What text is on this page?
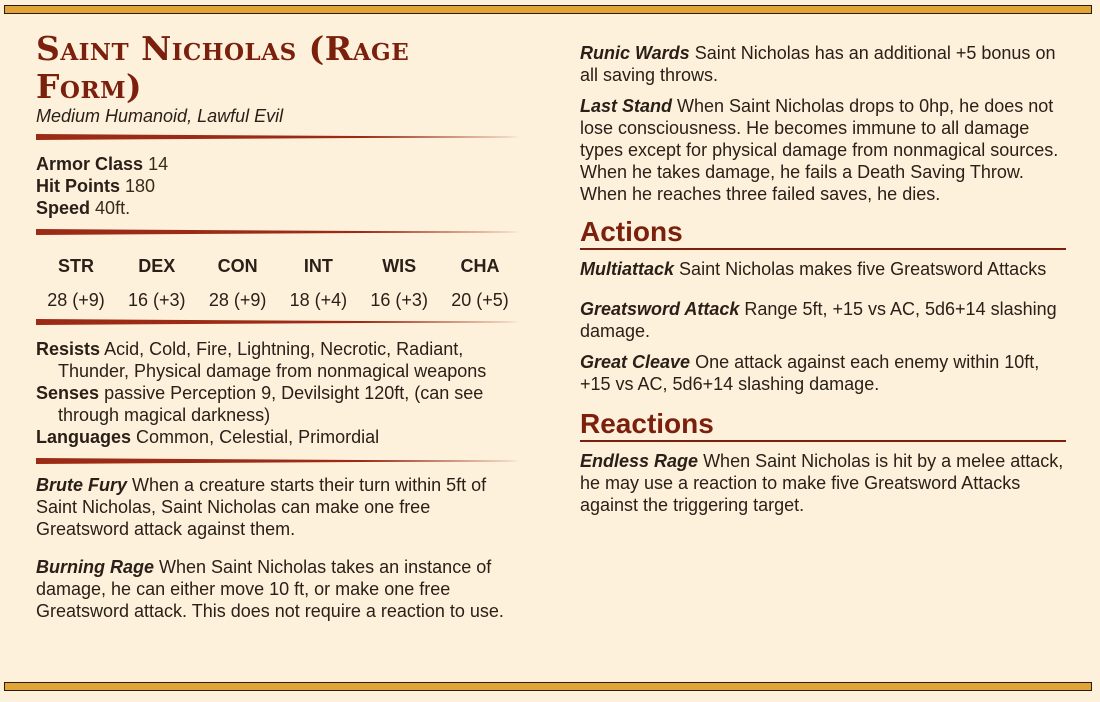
Saint Nicholas (Rage Form)
Medium Humanoid, Lawful Evil
Armor Class 14
Hit Points 180
Speed 40ft.
STR
28 (+9)
DEX
16 (+3)
CON
28 (+9)
INT
18 (+4)
WIS
16 (+3)
CHA
20 (+5)
Resists Acid, Cold, Fire, Lightning, Necrotic, Radiant, Thunder, Physical damage from nonmagical weapons
Senses passive Perception 9, Devilsight 120ft, (can see through magical darkness)
Languages Common, Celestial, Primordial
Brute Fury When a creature starts their turn within 5ft of Saint Nicholas, Saint Nicholas can make one free Greatsword attack against them.
Burning Rage When Saint Nicholas takes an instance of damage, he can either move 10 ft, or make one free Greatsword attack. This does not require a reaction to use.
Runic Wards Saint Nicholas has an additional +5 bonus on all saving throws.
Last Stand When Saint Nicholas drops to 0hp, he does not lose consciousness. He becomes immune to all damage types except for physical damage from nonmagical sources. When he takes damage, he fails a Death Saving Throw. When he reaches three failed saves, he dies.
Actions
Multiattack Saint Nicholas makes five Greatsword Attacks
Greatsword Attack Range 5ft, +15 vs AC, 5d6+14 slashing damage.
Great Cleave One attack against each enemy within 10ft, +15 vs AC, 5d6+14 slashing damage.
Reactions
Endless Rage When Saint Nicholas is hit by a melee attack, he may use a reaction to make five Greatsword Attacks against the triggering target.
